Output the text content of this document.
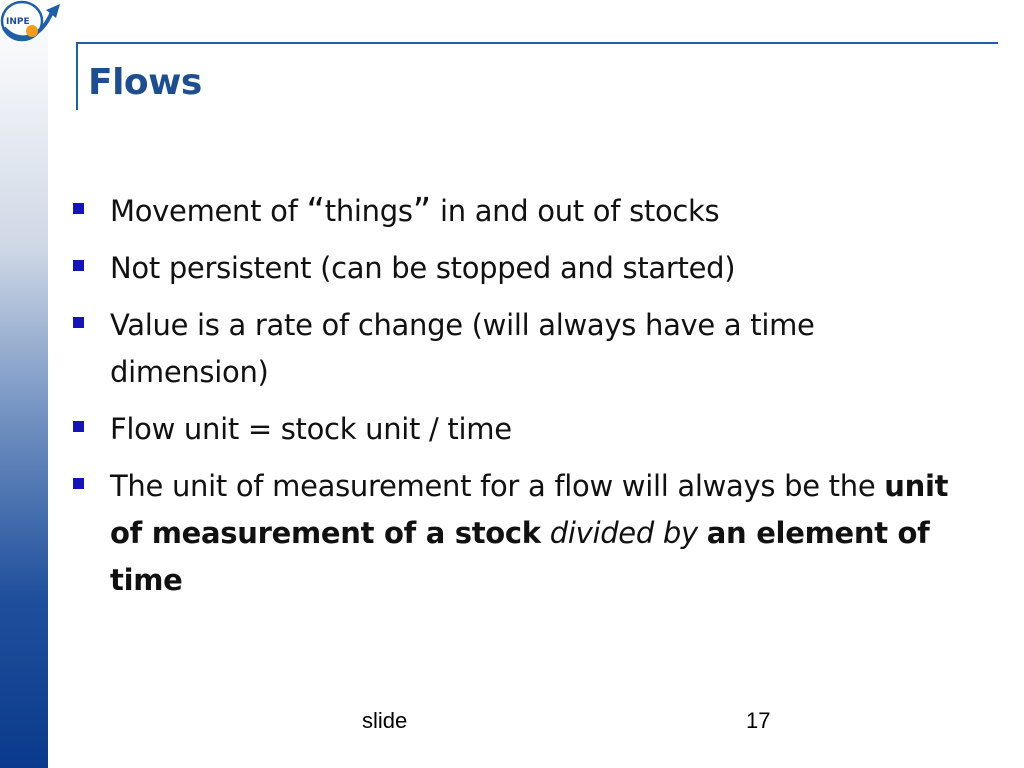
INPE
Flows
Movement of “things” in and out of stocks
Not persistent (can be stopped and started)
Value is a rate of change (will always have a time dimension)
Flow unit = stock unit / time
The unit of measurement for a flow will always be the unit of measurement of a stock divided by an element of time
slide	17
